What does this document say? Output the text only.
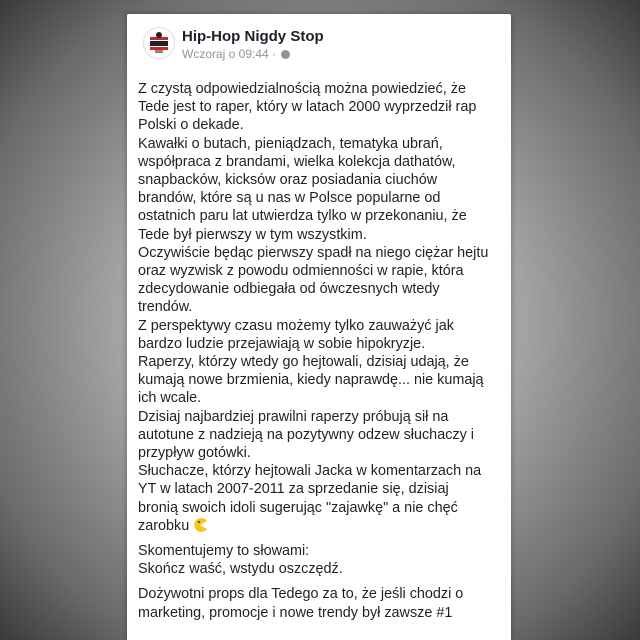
Hip-Hop Nigdy Stop
Wczoraj o 09:44 ·

Z czystą odpowiedzialnością można powiedzieć, że

Tede jest to raper, który w latach 2000 wyprzedził rap

Polski o dekade.

Kawałki o butach, pieniądzach, tematyka ubrań,

współpraca z brandami, wielka kolekcja dathatów,

snapbacków, kicksów oraz posiadania ciuchów

brandów, które są u nas w Polsce popularne od

ostatnich paru lat utwierdza tylko w przekonaniu, że

Tede był pierwszy w tym wszystkim.

Oczywiście będąc pierwszy spadł na niego ciężar hejtu

oraz wyzwisk z powodu odmienności w rapie, która

zdecydowanie odbiegała od ówczesnych wtedy

trendów.

Z perspektywy czasu możemy tylko zauważyć jak

bardzo ludzie przejawiają w sobie hipokryzje.

Raperzy, którzy wtedy go hejtowali, dzisiaj udają, że

kumają nowe brzmienia, kiedy naprawdę... nie kumają

ich wcale.

Dzisiaj najbardziej prawilni raperzy próbują sił na

autotune z nadzieją na pozytywny odzew słuchaczy i

przypływ gotówki.

Słuchacze, którzy hejtowali Jacka w komentarzach na

YT w latach 2007-2011 za sprzedanie się, dzisiaj

bronią swoich idoli sugerując "zajawkę" a nie chęć

zarobku

Skomentujemy to słowami:

Skończ waść, wstydu oszczędź.

Dożywotni props dla Tedego za to, że jeśli chodzi o

marketing, promocje i nowe trendy był zawsze #1
